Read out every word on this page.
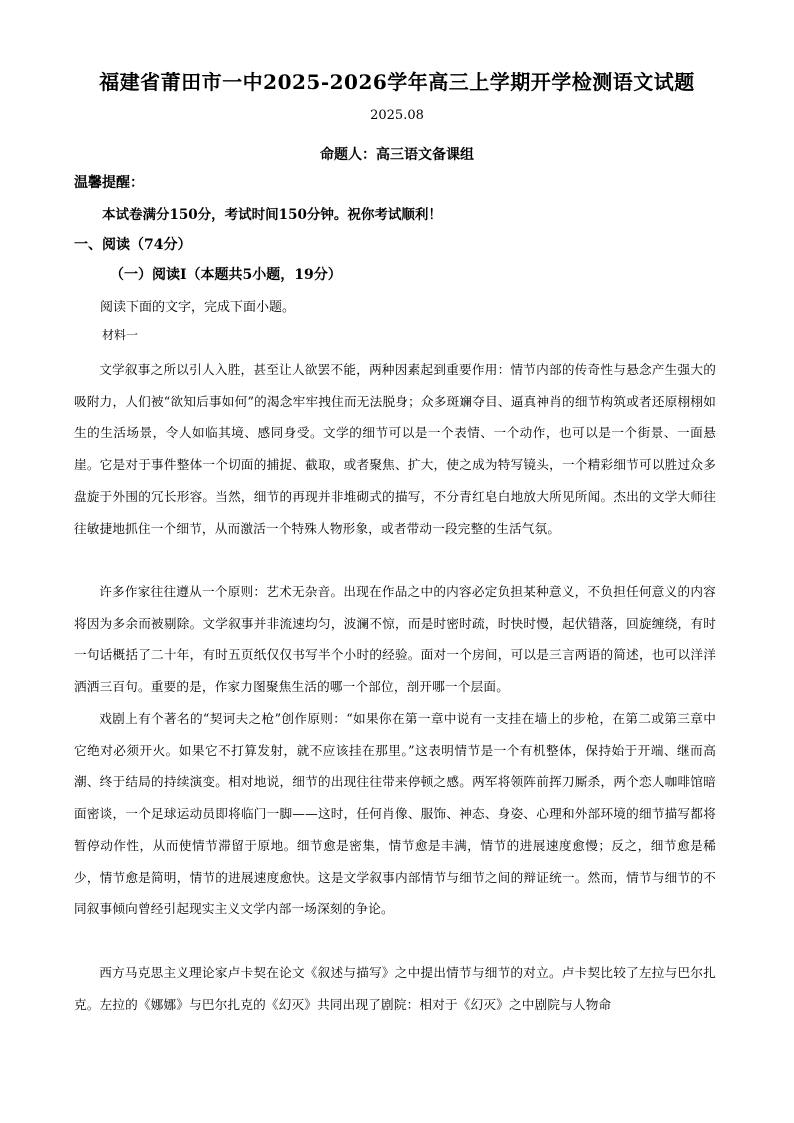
福建省莆田市一中2025-2026学年高三上学期开学检测语文试题
2025.08
命题人：高三语文备课组
温馨提醒：
本试卷满分150分，考试时间150分钟。祝你考试顺利！
一、阅读（74分）
（一）阅读Ⅰ（本题共5小题，19分）
阅读下面的文字，完成下面小题。
材料一
文学叙事之所以引人入胜，甚至让人欲罢不能，两种因素起到重要作用：情节内部的传奇性与悬念产生强大的吸附力，人们被“欲知后事如何”的渴念牢牢拽住而无法脱身；众多斑斓夺目、逼真神肖的细节构筑或者还原栩栩如生的生活场景，令人如临其境、感同身受。文学的细节可以是一个表情、一个动作，也可以是一个街景、一面悬崖。它是对于事件整体一个切面的捕捉、截取，或者聚焦、扩大，使之成为特写镜头，一个精彩细节可以胜过众多盘旋于外围的冗长形容。当然，细节的再现并非堆砌式的描写，不分青红皂白地放大所见所闻。杰出的文学大师往往敏捷地抓住一个细节，从而激活一个特殊人物形象，或者带动一段完整的生活气氛。
许多作家往往遵从一个原则：艺术无杂音。出现在作品之中的内容必定负担某种意义，不负担任何意义的内容将因为多余而被剔除。文学叙事并非流速均匀，波澜不惊，而是时密时疏，时快时慢，起伏错落，回旋缠绕，有时一句话概括了二十年，有时五页纸仅仅书写半个小时的经验。面对一个房间，可以是三言两语的简述，也可以洋洋洒洒三百句。重要的是，作家力图聚焦生活的哪一个部位，剖开哪一个层面。
戏剧上有个著名的“契诃夫之枪”创作原则：“如果你在第一章中说有一支挂在墙上的步枪，在第二或第三章中它绝对必须开火。如果它不打算发射，就不应该挂在那里。”这表明情节是一个有机整体，保持始于开端、继而高潮、终于结局的持续演变。相对地说，细节的出现往往带来停顿之感。两军将领阵前挥刀厮杀，两个恋人咖啡馆暗面密谈，一个足球运动员即将临门一脚——这时，任何肖像、服饰、神态、身姿、心理和外部环境的细节描写都将暂停动作性，从而使情节滞留于原地。细节愈是密集，情节愈是丰满，情节的进展速度愈慢；反之，细节愈是稀少，情节愈是简明，情节的进展速度愈快。这是文学叙事内部情节与细节之间的辩证统一。然而，情节与细节的不同叙事倾向曾经引起现实主义文学内部一场深刻的争论。
西方马克思主义理论家卢卡契在论文《叙述与描写》之中提出情节与细节的对立。卢卡契比较了左拉与巴尔扎克。左拉的《娜娜》与巴尔扎克的《幻灭》共同出现了剧院：相对于《幻灭》之中剧院与人物命
